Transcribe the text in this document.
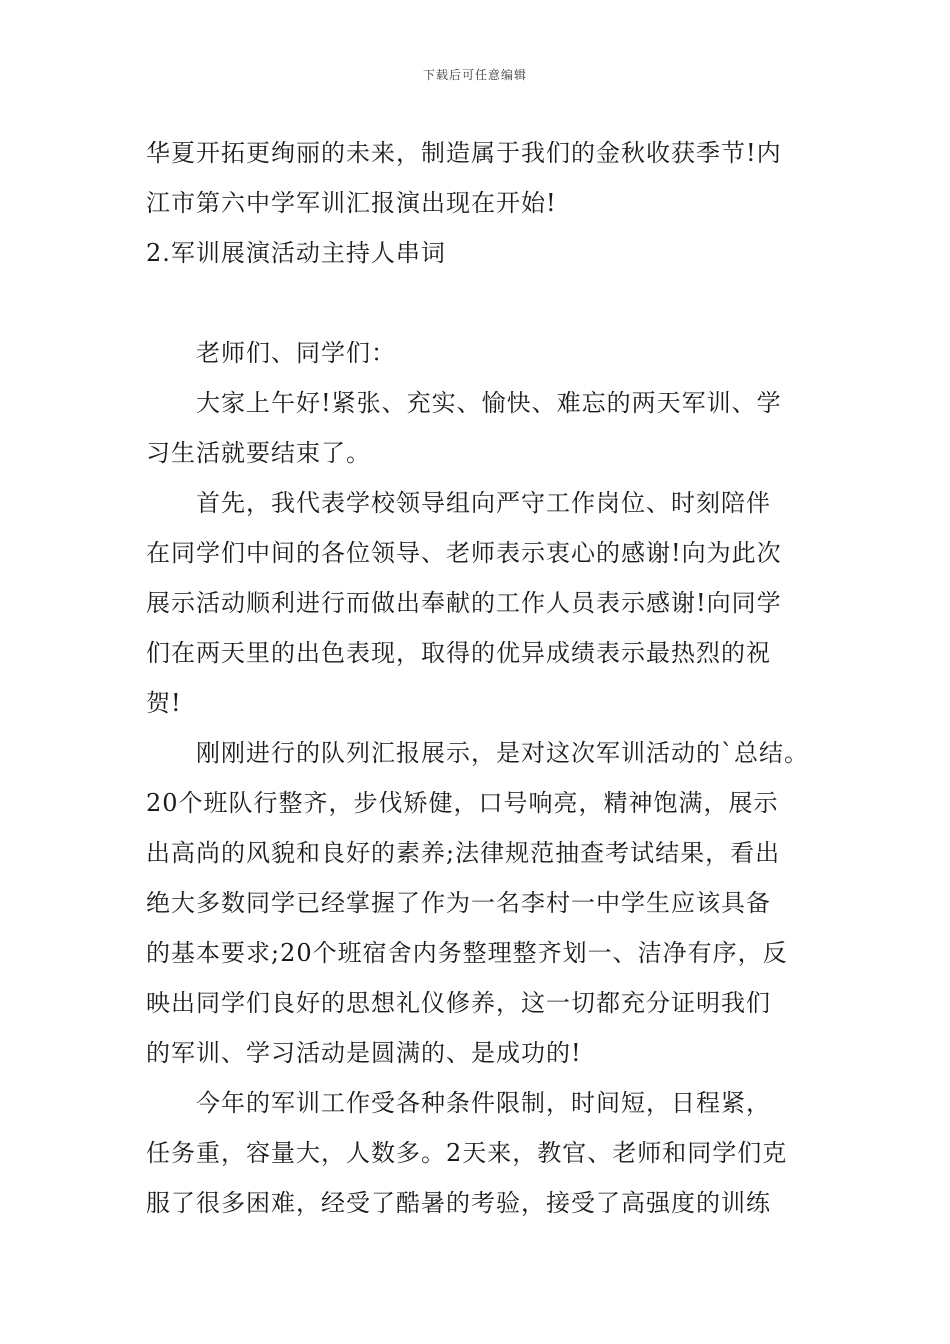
下载后可任意编辑
华夏开拓更绚丽的未来，制造属于我们的金秋收获季节!内
江市第六中学军训汇报演出现在开始!
2.军训展演活动主持人串词
老师们、同学们：
大家上午好!紧张、充实、愉快、难忘的两天军训、学
习生活就要结束了。
首先，我代表学校领导组向严守工作岗位、时刻陪伴
在同学们中间的各位领导、老师表示衷心的感谢!向为此次
展示活动顺利进行而做出奉献的工作人员表示感谢!向同学
们在两天里的出色表现，取得的优异成绩表示最热烈的祝
贺!
刚刚进行的队列汇报展示，是对这次军训活动的`总结。
20个班队行整齐，步伐矫健，口号响亮，精神饱满，展示
出高尚的风貌和良好的素养;法律规范抽查考试结果，看出
绝大多数同学已经掌握了作为一名李村一中学生应该具备
的基本要求;20个班宿舍内务整理整齐划一、洁净有序，反
映出同学们良好的思想礼仪修养，这一切都充分证明我们
的军训、学习活动是圆满的、是成功的!
今年的军训工作受各种条件限制，时间短，日程紧，
任务重，容量大，人数多。2天来，教官、老师和同学们克
服了很多困难，经受了酷暑的考验，接受了高强度的训练
